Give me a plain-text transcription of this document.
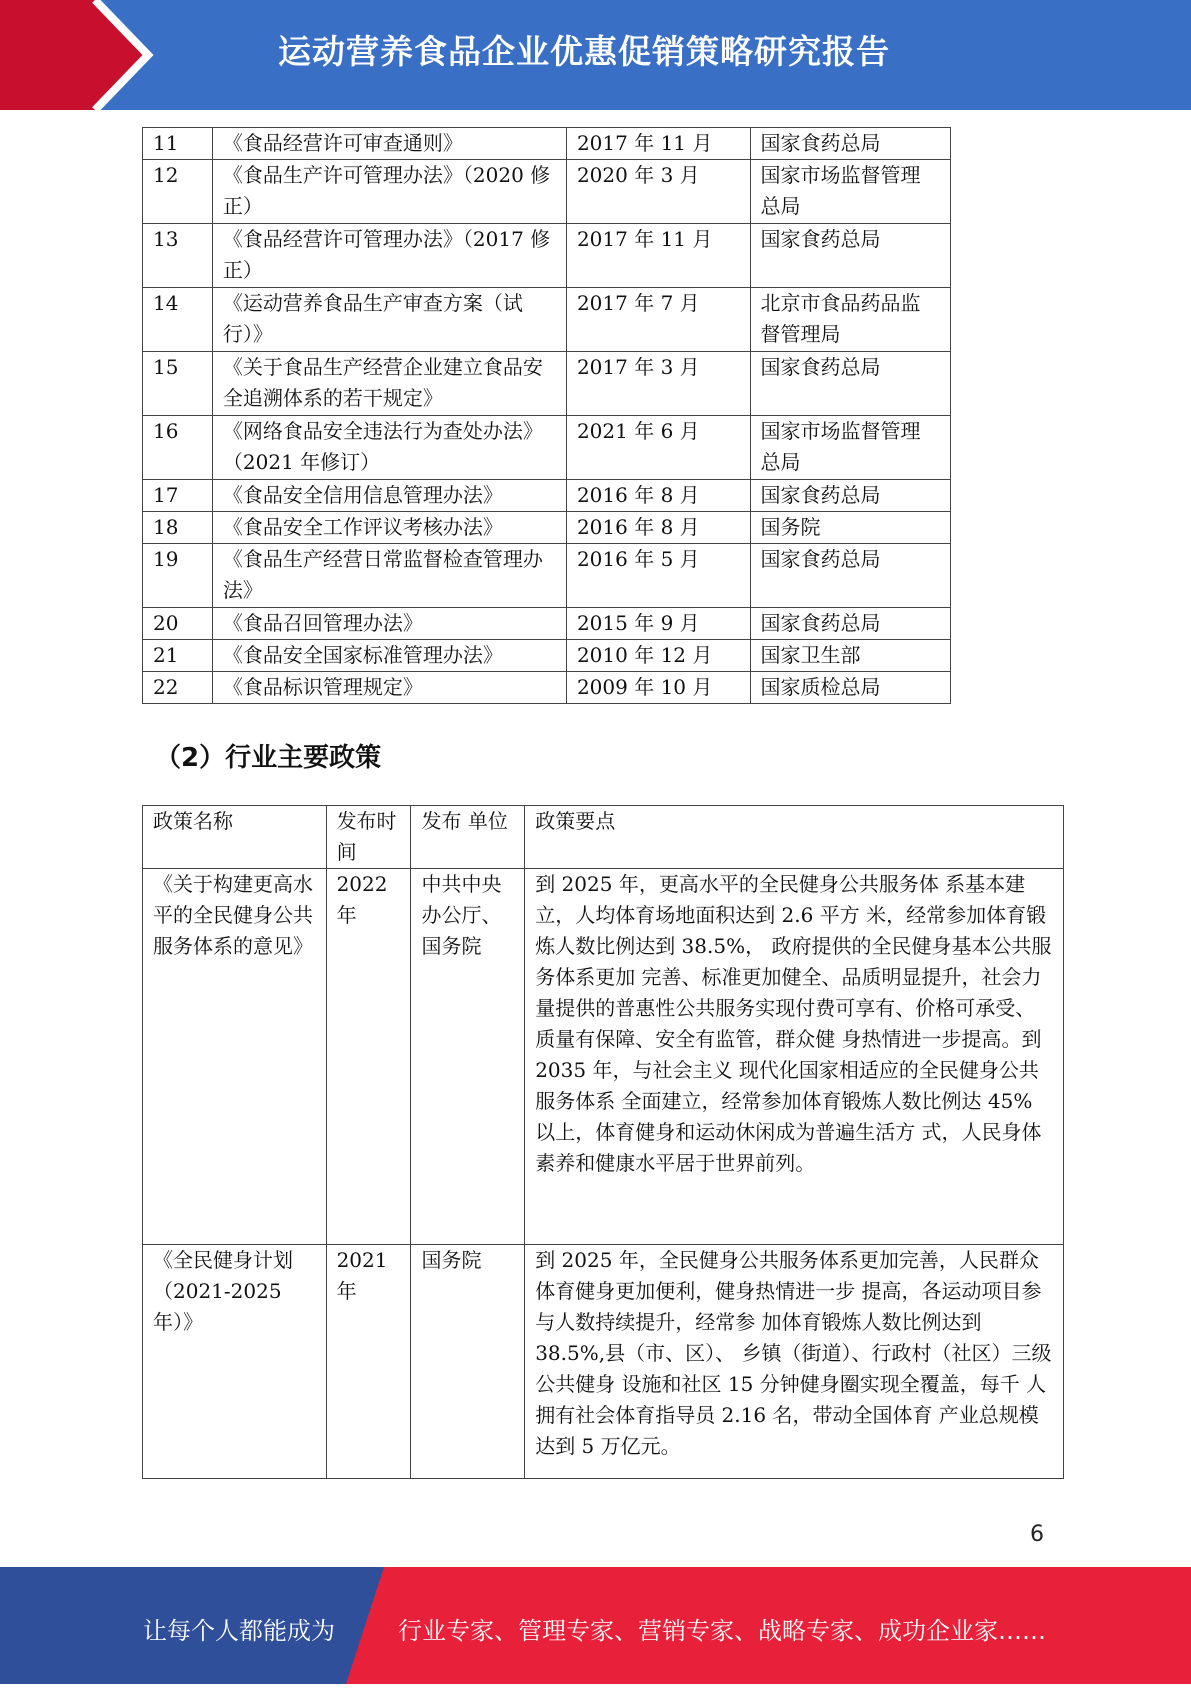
运动营养食品企业优惠促销策略研究报告
11	《食品经营许可审查通则》	2017 年 11 月	国家食药总局
12	《食品生产许可管理办法》（2020 修正）	2020 年 3 月	国家市场监督管理总局
13	《食品经营许可管理办法》（2017 修正）	2017 年 11 月	国家食药总局
14	《运动营养食品生产审查方案（试行）》	2017 年 7 月	北京市食品药品监督管理局
15	《关于食品生产经营企业建立食品安全追溯体系的若干规定》	2017 年 3 月	国家食药总局
16	《网络食品安全违法行为查处办法》 （2021 年修订）	2021 年 6 月	国家市场监督管理总局
17	《食品安全信用信息管理办法》	2016 年 8 月	国家食药总局
18	《食品安全工作评议考核办法》	2016 年 8 月	国务院
19	《食品生产经营日常监督检查管理办法》	2016 年 5 月	国家食药总局
20	《食品召回管理办法》	2015 年 9 月	国家食药总局
21	《食品安全国家标准管理办法》	2010 年 12 月	国家卫生部
22	《食品标识管理规定》	2009 年 10 月	国家质检总局
（2）行业主要政策
政策名称	发布时间	发布 单位	政策要点
《关于构建更高水平的全民健身公共服务体系的意见》	2022 年	中共中央办公厅、国务院	到 2025 年，更高水平的全民健身公共服务体 系基本建立，人均体育场地面积达到 2.6 平方 米，经常参加体育锻炼人数比例达到 38.5%， 政府提供的全民健身基本公共服务体系更加 完善、标准更加健全、品质明显提升，社会力 量提供的普惠性公共服务实现付费可享有、价格可承受、质量有保障、安全有监管，群众健 身热情进一步提高。到 2035 年，与社会主义 现代化国家相适应的全民健身公共服务体系 全面建立，经常参加体育锻炼人数比例达 45% 以上，体育健身和运动休闲成为普遍生活方 式，人民身体素养和健康水平居于世界前列。
《全民健身计划（2021-2025 年）》	2021 年	国务院	到 2025 年，全民健身公共服务体系更加完善，人民群众体育健身更加便利，健身热情进一步 提高，各运动项目参与人数持续提升，经常参 加体育锻炼人数比例达到 38.5%,县（市、区）、 乡镇（街道）、行政村（社区）三级公共健身 设施和社区 15 分钟健身圈实现全覆盖，每千 人拥有社会体育指导员 2.16 名，带动全国体育 产业总规模达到 5 万亿元。
6
让每个人都能成为	行业专家、管理专家、营销专家、战略专家、成功企业家……
